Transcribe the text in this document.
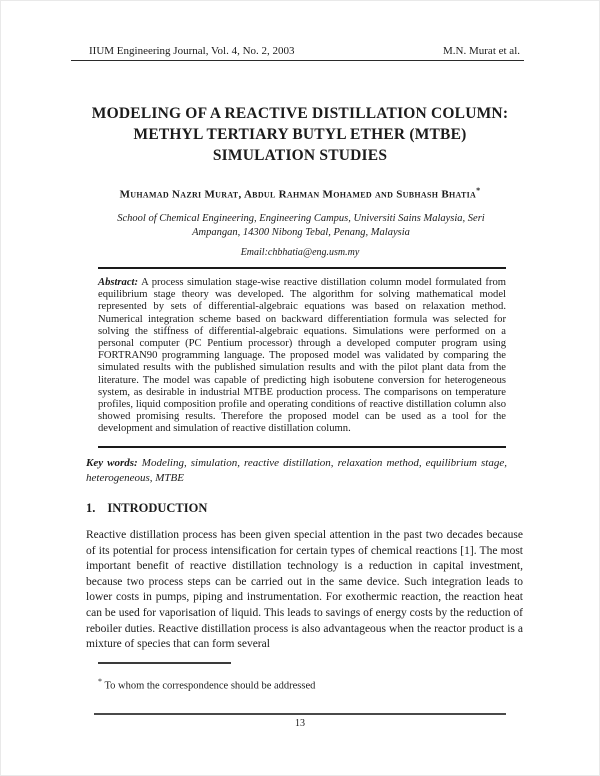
IIUM Engineering Journal, Vol. 4, No. 2, 2003	M.N. Murat et al.
MODELING OF A REACTIVE DISTILLATION COLUMN:
METHYL TERTIARY BUTYL ETHER (MTBE)
SIMULATION STUDIES
Muhamad Nazri Murat, Abdul Rahman Mohamed and Subhash Bhatia*
School of Chemical Engineering, Engineering Campus, Universiti Sains Malaysia, Seri Ampangan, 14300 Nibong Tebal, Penang, Malaysia
Email:chbhatia@eng.usm.my
Abstract: A process simulation stage-wise reactive distillation column model formulated from equilibrium stage theory was developed. The algorithm for solving mathematical model represented by sets of differential-algebraic equations was based on relaxation method. Numerical integration scheme based on backward differentiation formula was selected for solving the stiffness of differential-algebraic equations. Simulations were performed on a personal computer (PC Pentium processor) through a developed computer program using FORTRAN90 programming language. The proposed model was validated by comparing the simulated results with the published simulation results and with the pilot plant data from the literature. The model was capable of predicting high isobutene conversion for heterogeneous system, as desirable in industrial MTBE production process. The comparisons on temperature profiles, liquid composition profile and operating conditions of reactive distillation column also showed promising results. Therefore the proposed model can be used as a tool for the development and simulation of reactive distillation column.
Key words: Modeling, simulation, reactive distillation, relaxation method, equilibrium stage, heterogeneous, MTBE
1. INTRODUCTION
Reactive distillation process has been given special attention in the past two decades because of its potential for process intensification for certain types of chemical reactions [1]. The most important benefit of reactive distillation technology is a reduction in capital investment, because two process steps can be carried out in the same device. Such integration leads to lower costs in pumps, piping and instrumentation. For exothermic reaction, the reaction heat can be used for vaporisation of liquid. This leads to savings of energy costs by the reduction of reboiler duties. Reactive distillation process is also advantageous when the reactor product is a mixture of species that can form several
* To whom the correspondence should be addressed
13
